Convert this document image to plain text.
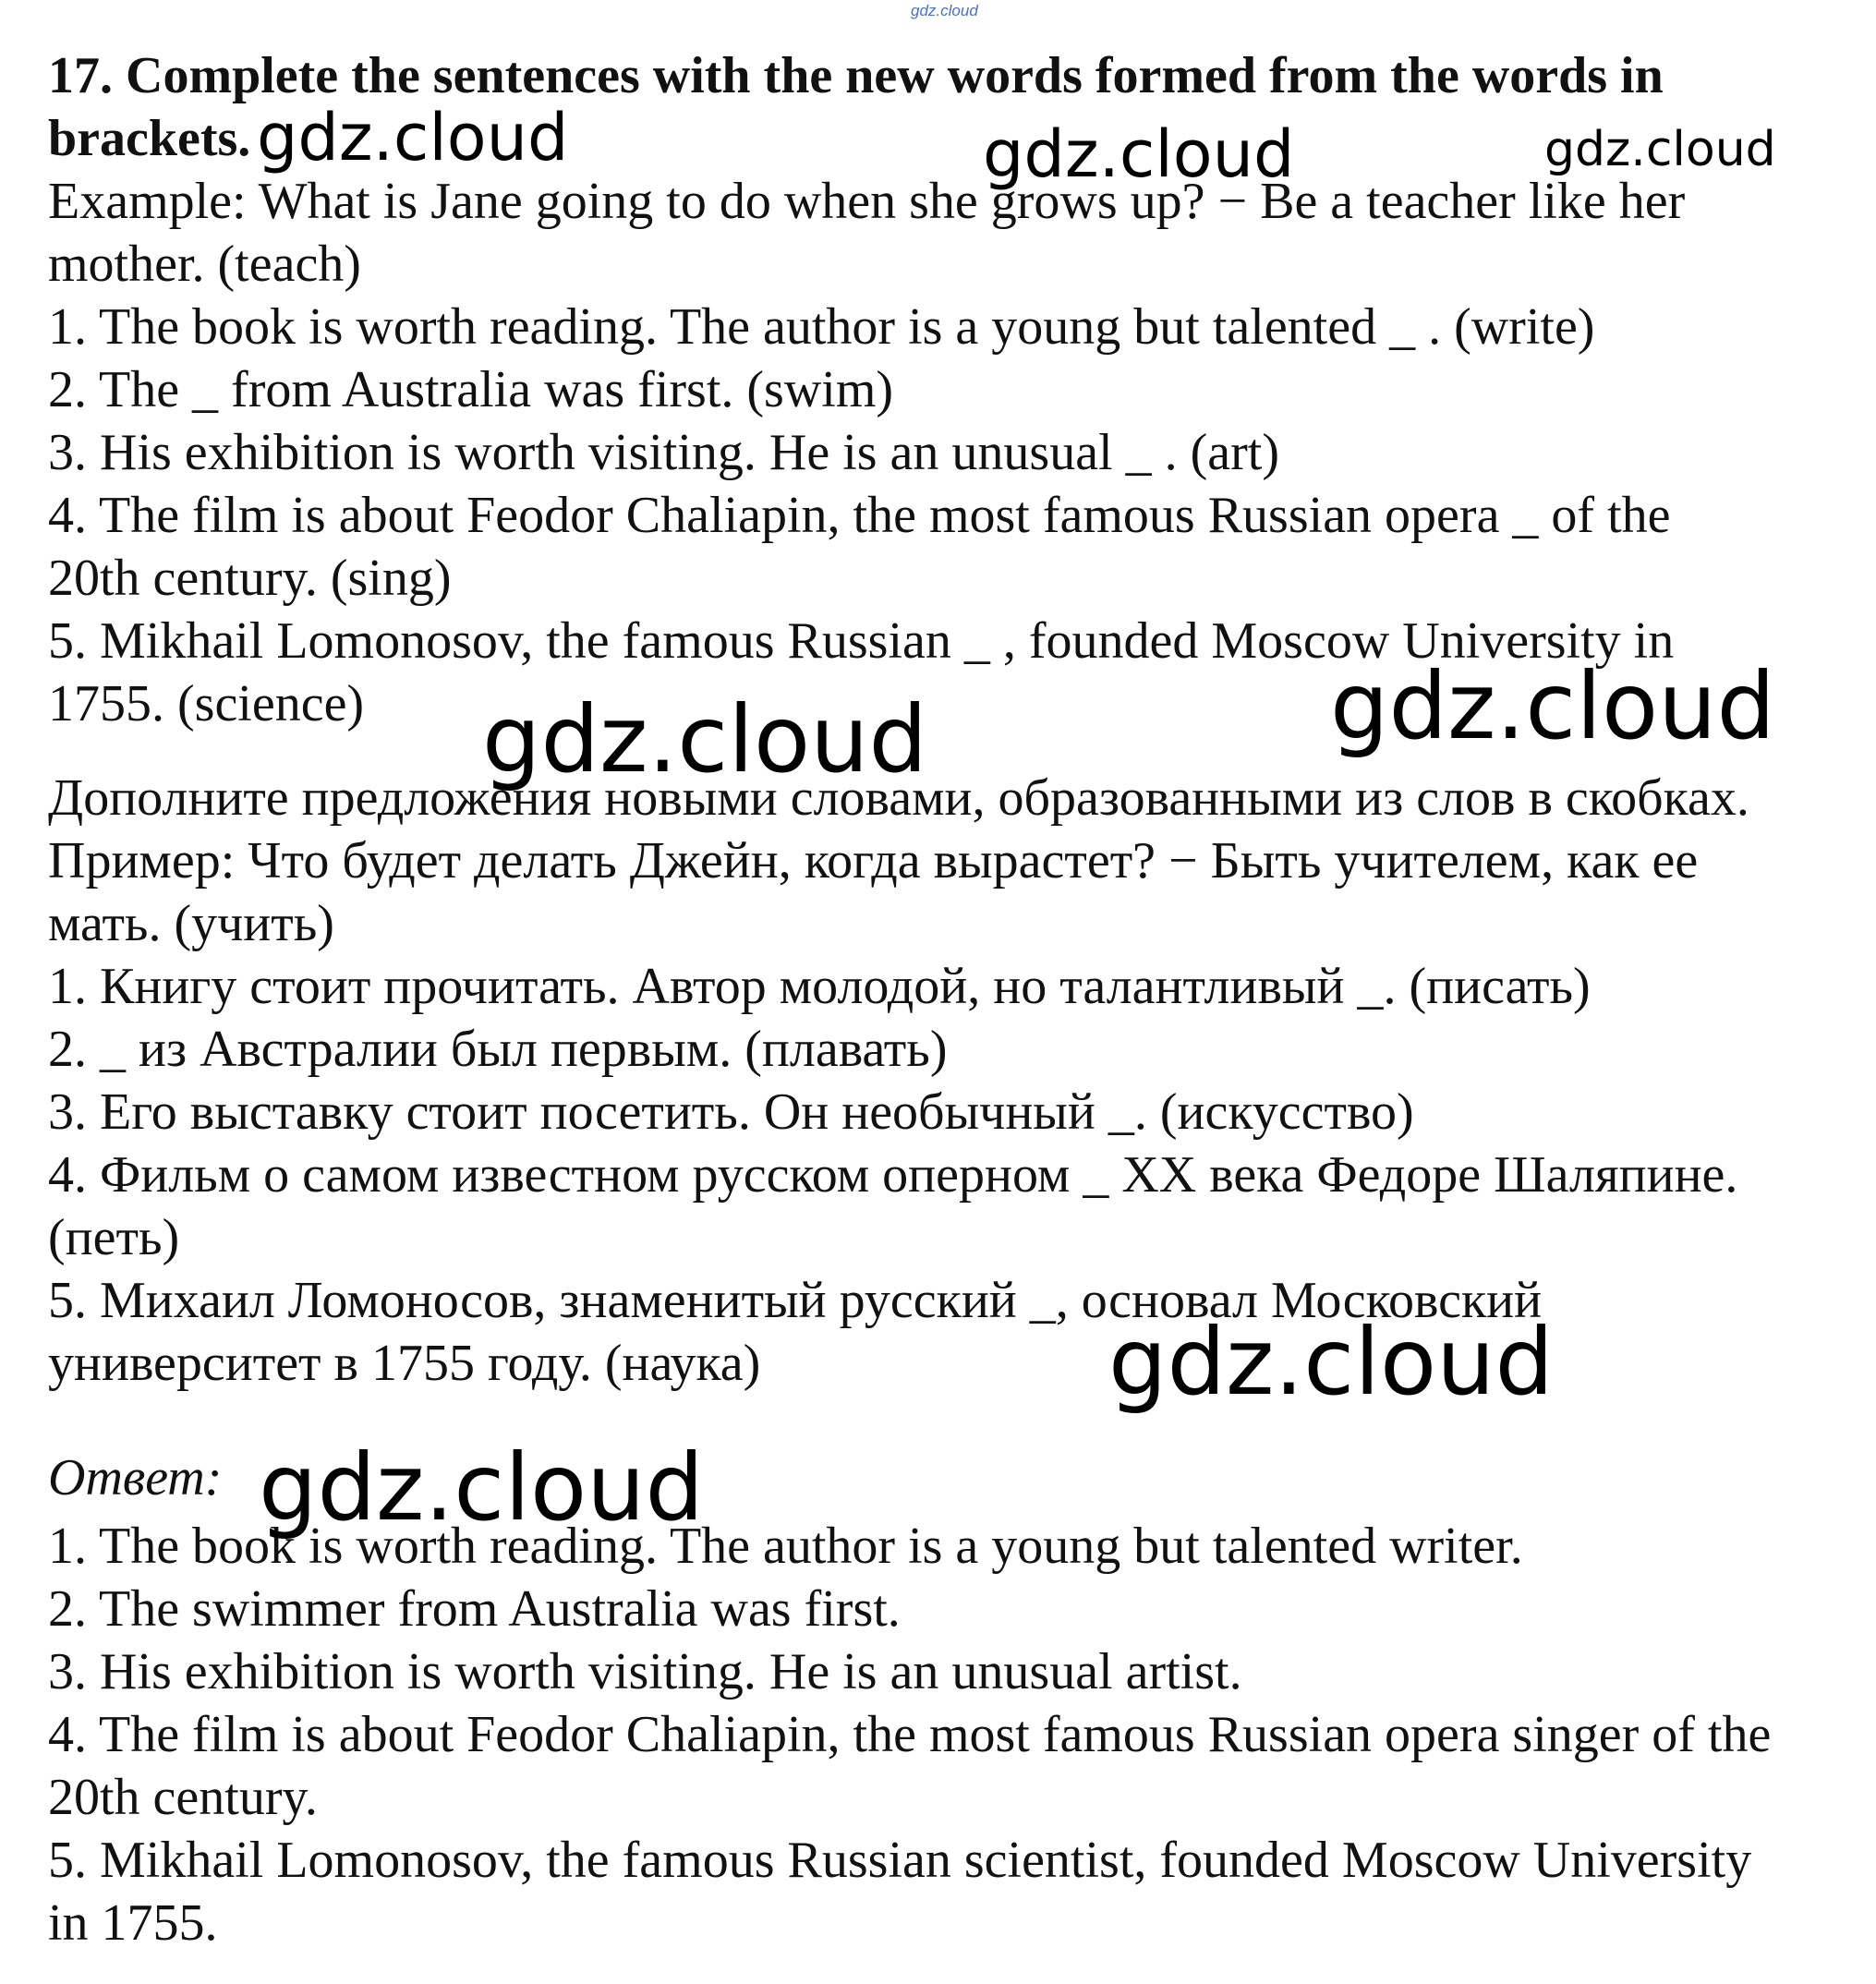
gdz.cloud

17. Complete the sentences with the new words formed from the words in

brackets.

Example: What is Jane going to do when she grows up? − Be a teacher like her

mother. (teach)

1. The book is worth reading. The author is a young but talented _ . (write)

2. The _ from Australia was first. (swim)

3. His exhibition is worth visiting. He is an unusual _ . (art)

4. The film is about Feodor Chaliapin, the most famous Russian opera _ of the

20th century. (sing)

5. Mikhail Lomonosov, the famous Russian _ , founded Moscow University in

1755. (science)

Дополните предложения новыми словами, образованными из слов в скобках.

Пример: Что будет делать Джейн, когда вырастет? − Быть учителем, как ее

мать. (учить)

1. Книгу стоит прочитать. Автор молодой, но талантливый _. (писать)

2. _ из Австралии был первым. (плавать)

3. Его выставку стоит посетить. Он необычный _. (искусство)

4. Фильм о самом известном русском оперном _ XX века Федоре Шаляпине.

(петь)

5. Михаил Ломоносов, знаменитый русский _, основал Московский

университет в 1755 году. (наука)

Ответ:

1. The book is worth reading. The author is a young but talented writer.

2. The swimmer from Australia was first.

3. His exhibition is worth visiting. He is an unusual artist.

4. The film is about Feodor Chaliapin, the most famous Russian opera singer of the

20th century.

5. Mikhail Lomonosov, the famous Russian scientist, founded Moscow University

in 1755.

gdz.cloud	gdz.cloud	gdz.cloud
gdz.cloud
gdz.cloud
gdz.cloud
gdz.cloud
